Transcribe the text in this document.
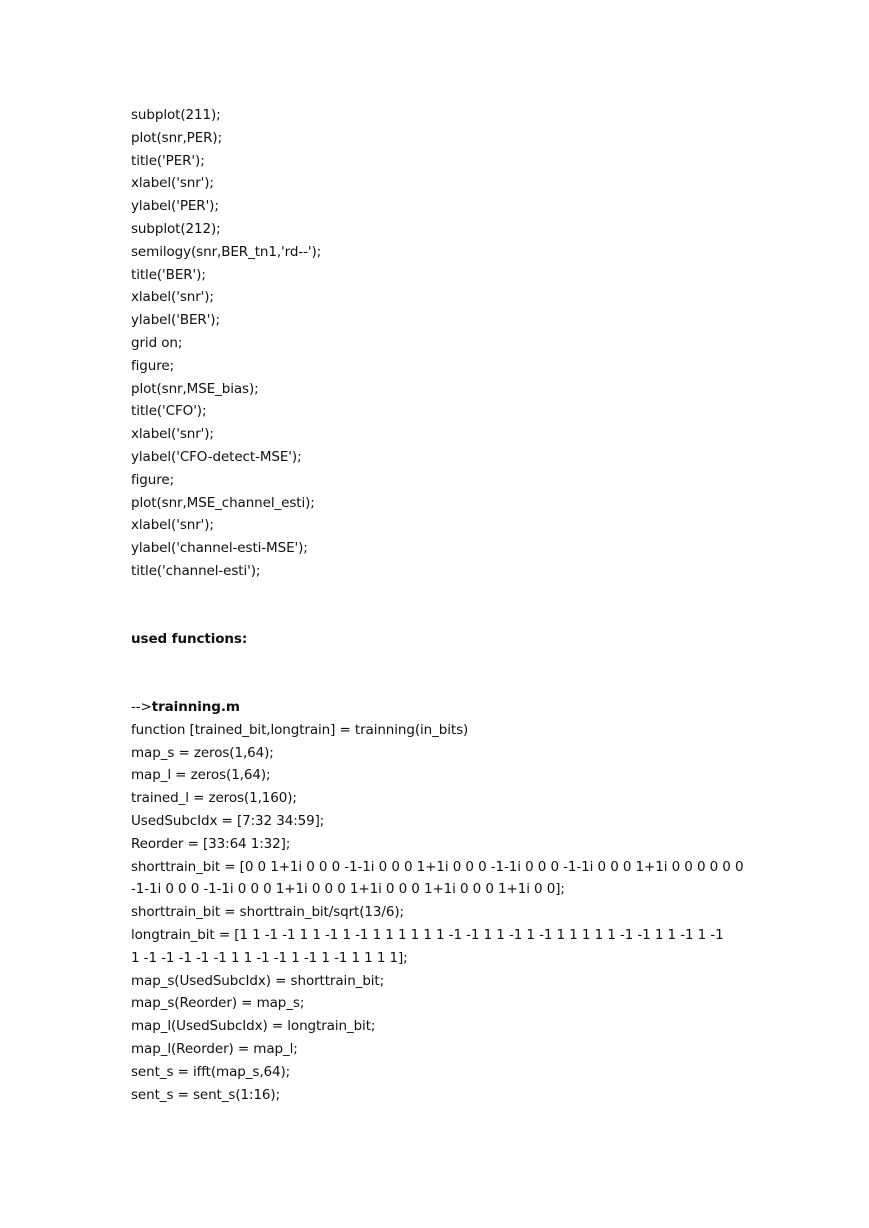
subplot(211);
plot(snr,PER);
title('PER');
xlabel('snr');
ylabel('PER');
subplot(212);
semilogy(snr,BER_tn1,'rd--');
title('BER');
xlabel('snr');
ylabel('BER');
grid on;
figure;
plot(snr,MSE_bias);
title('CFO');
xlabel('snr');
ylabel('CFO-detect-MSE');
figure;
plot(snr,MSE_channel_esti);
xlabel('snr');
ylabel('channel-esti-MSE');
title('channel-esti');
used functions:
-->trainning.m
function [trained_bit,longtrain] = trainning(in_bits)
map_s = zeros(1,64);
map_l = zeros(1,64);
trained_l = zeros(1,160);
UsedSubcIdx = [7:32 34:59];
Reorder = [33:64 1:32];
shorttrain_bit = [0 0 1+1i 0 0 0 -1-1i 0 0 0 1+1i 0 0 0 -1-1i 0 0 0 -1-1i 0 0 0 1+1i 0 0 0 0 0 0
-1-1i 0 0 0 -1-1i 0 0 0 1+1i 0 0 0 1+1i 0 0 0 1+1i 0 0 0 1+1i 0 0];
shorttrain_bit = shorttrain_bit/sqrt(13/6);
longtrain_bit = [1 1 -1 -1 1 1 -1 1 -1 1 1 1 1 1 1 -1 -1 1 1 -1 1 -1 1 1 1 1 1 -1 -1 1 1 -1 1 -1
1 -1 -1 -1 -1 -1 1 1 -1 -1 1 -1 1 -1 1 1 1 1];
map_s(UsedSubcIdx) = shorttrain_bit;
map_s(Reorder) = map_s;
map_l(UsedSubcIdx) = longtrain_bit;
map_l(Reorder) = map_l;
sent_s = ifft(map_s,64);
sent_s = sent_s(1:16);
